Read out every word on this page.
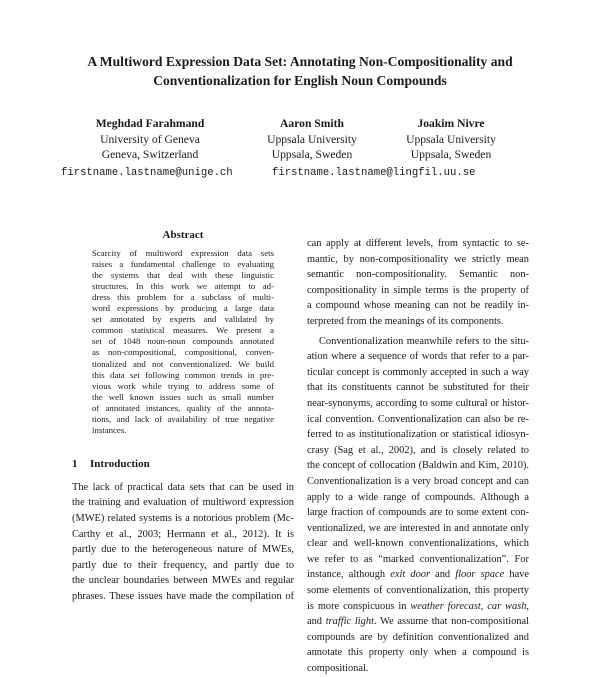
A Multiword Expression Data Set: Annotating Non-Compositionality and
Conventionalization for English Noun Compounds
Meghdad Farahmand
University of Geneva
Geneva, Switzerland
Aaron Smith
Uppsala University
Uppsala, Sweden
Joakim Nivre
Uppsala University
Uppsala, Sweden
firstname.lastname@unige.ch	firstname.lastname@lingfil.uu.se
Abstract
Scarcity of multiword expression data sets
raises a fundamental challenge to evaluating
the systems that deal with these linguistic
structures. In this work we attempt to ad-
dress this problem for a subclass of multi-
word expressions by producing a large data
set annotated by experts and validated by
common statistical measures. We present a
set of 1048 noun-noun compounds annotated
as non-compositional, compositional, conven-
tionalized and not conventionalized. We build
this data set following common trends in pre-
vious work while trying to address some of
the well known issues such as small number
of annotated instances, quality of the annota-
tions, and lack of availability of true negative
instances.
1 Introduction
The lack of practical data sets that can be used in
the training and evaluation of multiword expression
(MWE) related systems is a notorious problem (Mc-
Carthy et al., 2003; Hermann et al., 2012). It is
partly due to the heterogeneous nature of MWEs,
partly due to their frequency, and partly due to
the unclear boundaries between MWEs and regular
phrases. These issues have made the compilation of
can apply at different levels, from syntactic to se-
mantic, by non-compositionality we strictly mean
semantic non-compositionality. Semantic non-
compositionality in simple terms is the property of
a compound whose meaning can not be readily in-
terpreted from the meanings of its components.
Conventionalization meanwhile refers to the situ-
ation where a sequence of words that refer to a par-
ticular concept is commonly accepted in such a way
that its constituents cannot be substituted for their
near-synonyms, according to some cultural or histor-
ical convention. Conventionalization can also be re-
ferred to as institutionalization or statistical idiosyn-
crasy (Sag et al., 2002), and is closely related to
the concept of collocation (Baldwin and Kim, 2010).
Conventionalization is a very broad concept and can
apply to a wide range of compounds. Although a
large fraction of compounds are to some extent con-
ventionalized, we are interested in and annotate only
clear and well-known conventionalizations, which
we refer to as “marked conventionalization”. For
instance, although exit door and floor space have
some elements of conventionalization, this property
is more conspicuous in weather forecast, car wash,
and traffic light. We assume that non-compositional
compounds are by definition conventionalized and
annotate this property only when a compound is
compositional.
